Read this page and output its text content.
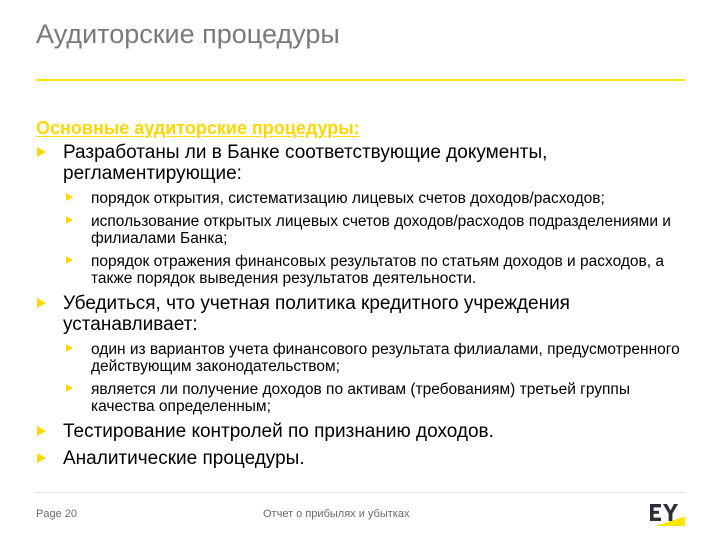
Аудиторские процедуры
Основные аудиторские процедуры:
Разработаны ли в Банке соответствующие документы, регламентирующие:
порядок открытия, систематизацию лицевых счетов доходов/расходов;
использование открытых лицевых счетов доходов/расходов подразделениями и филиалами Банка;
порядок отражения финансовых результатов по статьям доходов и расходов, а также порядок выведения результатов деятельности.
Убедиться, что учетная политика кредитного учреждения устанавливает:
один из вариантов учета финансового результата филиалами, предусмотренного действующим законодательством;
является ли получение доходов по активам (требованиям) третьей группы качества определенным;
Тестирование контролей по признанию доходов.
Аналитические процедуры.
Page 20	Отчет о прибылях и убытках
